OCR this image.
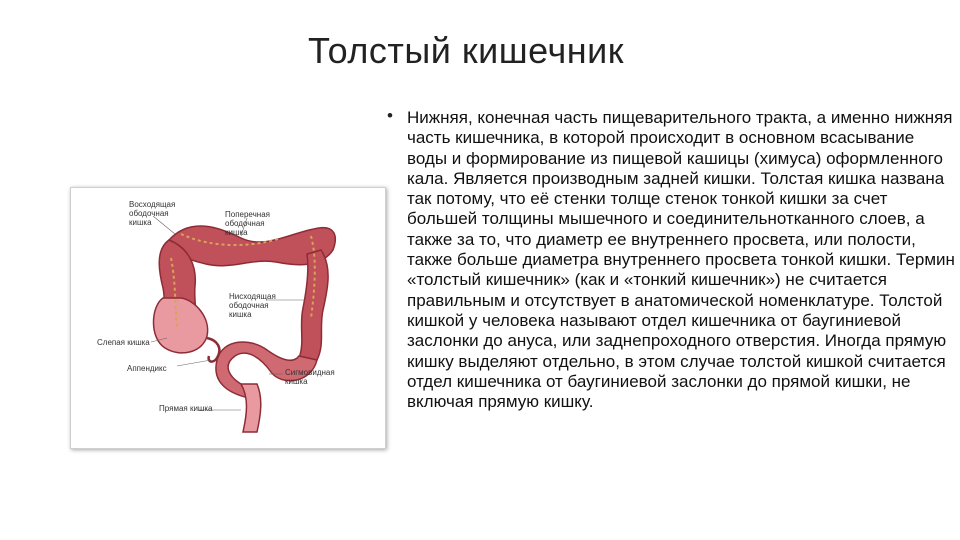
Толстый кишечник
Восходящая ободочная кишка
Поперечная ободочная кишка
Нисходящая ободочная кишка
Слепая кишка
Аппендикс	Сигмовидная кишка
Прямая кишка
• Нижняя, конечная часть пищеварительного тракта, а именно нижняя часть кишечника, в которой происходит в основном всасывание воды и формирование из пищевой кашицы (химуса) оформленного кала. Является производным задней кишки. Толстая кишка названа так потому, что её стенки толще стенок тонкой кишки за счет большей толщины мышечного и соединительнотканного слоев, а также за то, что диаметр ее внутреннего просвета, или полости, также больше диаметра внутреннего просвета тонкой кишки. Термин «толстый кишечник» (как и «тонкий кишечник») не считается правильным и отсутствует в анатомической номенклатуре. Толстой кишкой у человека называют отдел кишечника от баугиниевой заслонки до ануса, или заднепроходного отверстия. Иногда прямую кишку выделяют отдельно, в этом случае толстой кишкой считается отдел кишечника от баугиниевой заслонки до прямой кишки, не включая прямую кишку.
